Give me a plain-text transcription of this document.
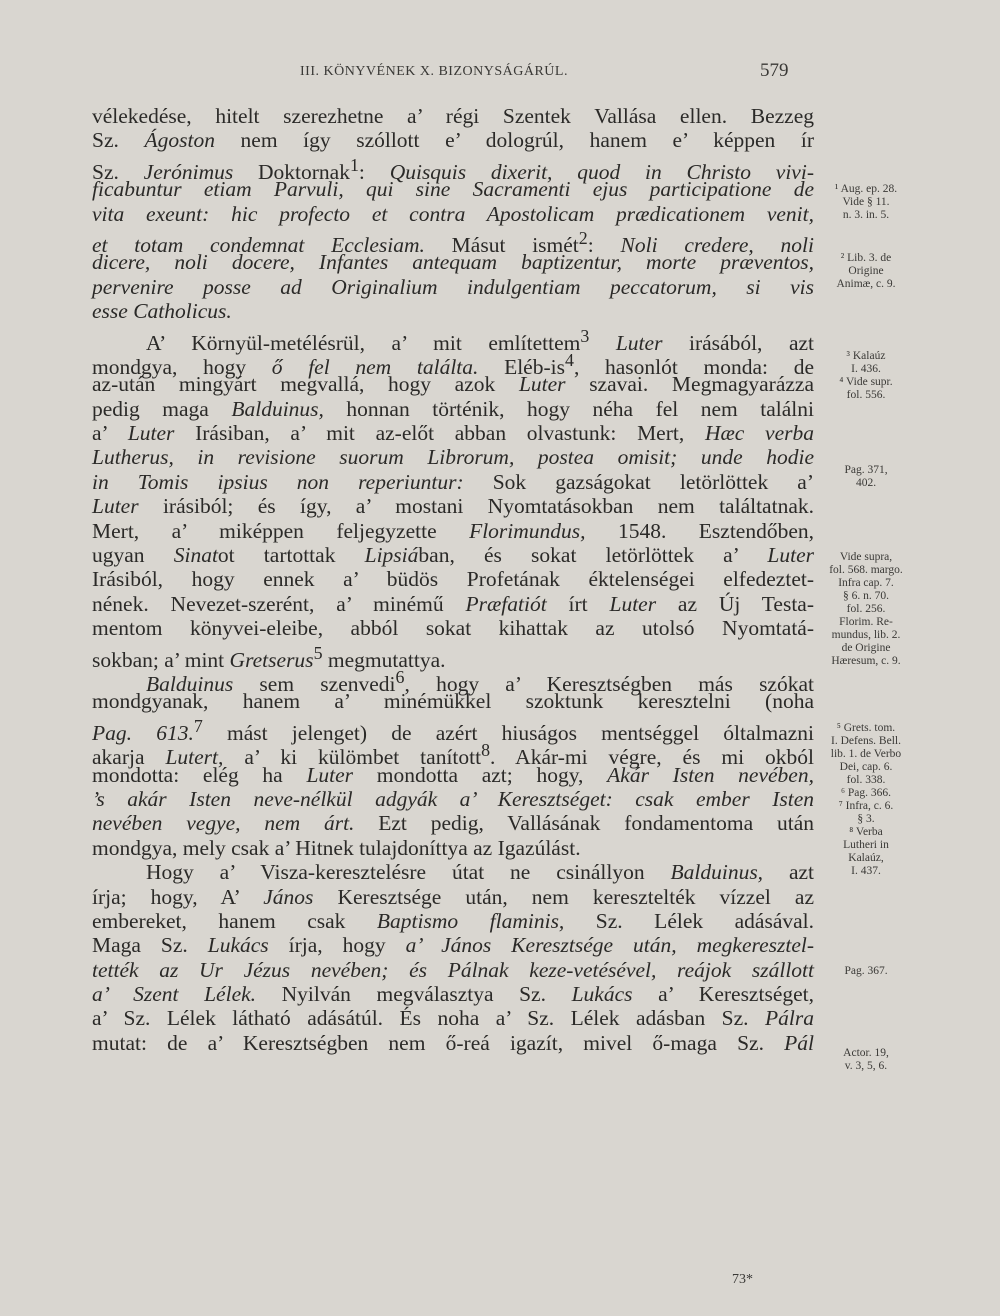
III. KÖNYVÉNEK X. BIZONYSÁGÁRÚL.	579
vélekedése, hitelt szerezhetne a’ régi Szentek Vallása ellen. Bezzeg
Sz. Ágoston nem így szóllott e’ dologrúl, hanem e’ képpen ír
Sz. Jerónimus Doktornak$^1$: Quisquis dixerit, quod in Christo vivi-
ficabuntur etiam Parvuli, qui sine Sacramenti ejus participatione de
vita exeunt: hic profecto et contra Apostolicam prædicationem venit,
et totam condemnat Ecclesiam. Másut ismét$^2$: Noli credere, noli
dicere, noli docere, Infantes antequam baptizentur, morte præventos,
pervenire posse ad Originalium indulgentiam peccatorum, si vis
esse Catholicus.
A’ Környül-metélésrül, a’ mit említettem$^3$ Luter irásából, azt
mondgya, hogy ő fel nem találta. Eléb-$is^4$, hasonlót monda: de
az-után mingyárt megvallá, hogy azok Luter szavai. Megmagyarázza
pedig maga Balduinus, honnan történik, hogy néha fel nem találni
a’ Luter Irásiban, a’ mit az-előt abban olvastunk: Mert, Hæc verba
Lutherus, in revisione suorum Librorum, postea omisit; unde hodie
in Tomis ipsius non reperiuntur: Sok gazságokat letörlöttek a’
Luter irásiból; és így, a’ mostani Nyomtatásokban nem találtatnak.
Mert, a’ miképpen feljegyzette Florimundus, 1548. Esztendőben,
ugyan Sinatot tartottak Lipsiában, és sokat letörlöttek a’ Luter
Irásiból, hogy ennek a’ büdös Profetának éktelenségei elfedeztet-
nének. Nevezet-szerént, a’ minémű Præfatiót írt Luter az Új Testa-
mentom könyvei-eleibe, abból sokat kihattak az utolsó Nyomtatá-
sokban; a’ mint Gretserus$^5$ megmutattya.
Balduinus sem szenvedi$^6$, hogy a’ Keresztségben más szókat
mondgyanak, hanem a’ minémükkel szoktunk keresztelni (noha
Pag. 613.$^7$ mást jelenget) de azért hiuságos mentséggel óltalmazni
akarja Lutert, a’ ki külömbet tanított$^8$. Akár-mi végre, és mi okból
mondotta: elég ha Luter mondotta azt; hogy, Akár Isten nevében,
’s akár Isten neve-nélkül adgyák a’ Keresztséget: csak ember Isten
nevében vegye, nem árt. Ezt pedig, Vallásának fondamentoma után
mondgya, mely csak a’ Hitnek tulajdoníttya az Igazúlást.
Hogy a’ Visza-keresztelésre útat ne csinállyon Balduinus, azt
írja; hogy, A’ János Keresztsége után, nem keresztelték vízzel az
embereket, hanem csak Baptismo flaminis, Sz. Lélek adásával.
Maga Sz. Lukács írja, hogy a’ János Keresztsége után, megkeresztel-
tették az Ur Jézus nevében; és Pálnak keze-vetésével, reájok szállott
a’ Szent Lélek. Nyilván megválasztya Sz. Lukács a’ Keresztséget,
a’ Sz. Lélek látható adásátúl. És noha a’ Sz. Lélek adásban Sz. Pálra
mutat: de a’ Keresztségben nem ő-reá igazít, mivel ő-maga Sz. Pál
¹ Aug. ep. 28.
Vide § 11.
n. 3. in. 5.
² Lib. 3. de
Origine
Animæ, c. 9.
³ Kalaúz
I. 436.
⁴ Vide supr.
fol. 556.
Pag. 371,
402.
Vide supra,
fol. 568. margo.
Infra cap. 7.
§ 6. n. 70.
fol. 256.
Florim. Re-
mundus, lib. 2.
de Origine
Hæresum, c. 9.
⁵ Grets. tom.
I. Defens. Bell.
lib. 1. de Verbo
Dei, cap. 6.
fol. 338.
⁶ Pag. 366.
⁷ Infra, c. 6.
§ 3.
⁸ Verba
Lutheri in
Kalaúz,
I. 437.
Pag. 367.
Actor. 19,
v. 3, 5, 6.
73*
